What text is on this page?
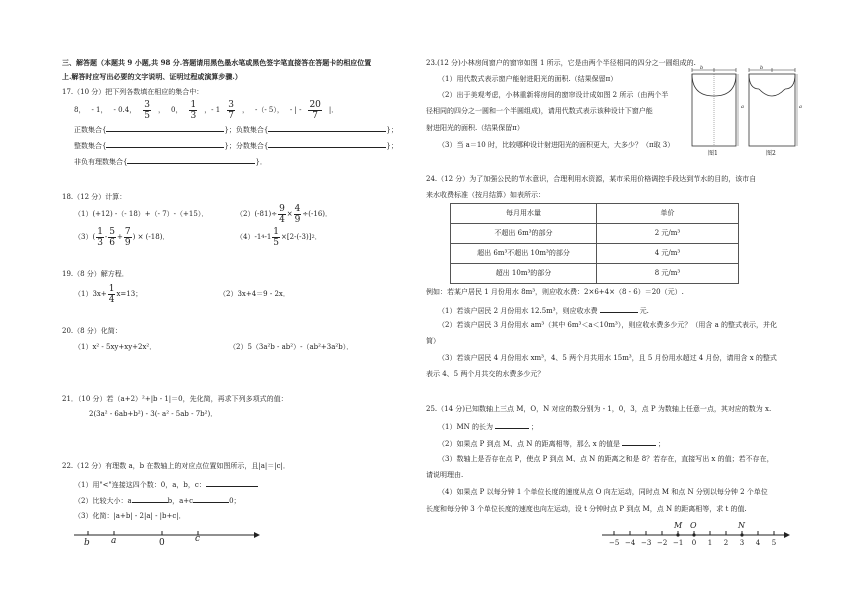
三、解答题（本题共 9 小题,共 98 分.答题请用黑色墨水笔或黑色签字笔直接答在答题卡的相应位置
上.解答时应写出必要的文字说明、证明过程或演算步骤.）
17.（10 分）把下列各数填在相应的集合中：
8， - 1， - 0.4， $\frac{3}{5}$ ， 0， $\frac{1}{3}$ ，- $1 \frac{3}{7}$ ， -（- 5）， - | - $\frac{20}{7}$ |．
正数集合{	}；负数集合{	}；
整数集合{	}；分数集合{	}；
非负有理数集合{	}．
18.（12 分）计算：
（1）(+12) -（- 18）+（- 7）-（+15）．	$(2)(-81)\div \frac{9}{4} \times \frac{4}{9} \div(-16)$．
$(3)( \frac{1}{3} - \frac{5}{6} + \frac{7}{9}$ ) × (-18)．	（4）-1 4 $-1 \frac{1}{5} \times[2-(-3)]$ 2 ．
19.（8 分）解方程．
$(1)3x+ \frac{1}{4} x=13$；	（2）3x+4＝9 - 2x．
20.（8 分）化简：
（1）x² - 5xy+xy+2x²．	（2）5（3a²b - ab²）-（ab²+3a²b）．
21．（10 分）若（a+2）²+|b - 1|＝0，先化简，再求下列多项式的值：
2(3a² - 6ab+b²) - 3(- a² - 5ab - 7b²)．
22.（12 分）有理数 a，b 在数轴上的对应点位置如图所示，且|a|＝|c|．
（1）用"<"连接这四个数：0，a，b，c：
（2）比较大小：a	b，a+c	0；
（3）化简：|a+b| - 2|a| - |b+c|．
b a	0	c
23.(12 分)小林房间窗户的窗帘如图 1 所示，它是由两个半径相同的四分之一圆组成的.
（1）用代数式表示窗户能射进阳光的面积.（结果保留π）
（2）出于美观考虑，小林重新将房间的窗帘设计成如图 2 所示（由两个半
径相同的四分之一圆和一个半圆组成)，请用代数式表示该种设计下窗户能
射进阳光的面积.（结果保留π）
（3）当 a＝10 时，比较哪种设计射进阳光的面积更大，大多少？（π取 3）
b
a
图1
b
a
图2
24.（12 分）为了加强公民的节水意识，合理利用水资源，某市采用价格调控手段达到节水的目的，该市自
来水收费标准（按月结算）如表所示：
每月用水量	单价
不超出 6m³的部分	2 元/m³
超出 6m³不超出 10m³的部分	4 元/m³
超出 10m³的部分	8 元/m³
例如：若某户居民 1 月份用水 8m³，则应收水费：2×6+4×（8 - 6）＝20（元）.
（1）若该户居民 2 月份用水 12.5m³，则应收水费	元.
（2）若该户居民 3 月份用水 am³（其中 6m³＜a＜10m³），则应收水费多少元？（用含 a 的整式表示，并化
简）
（3）若该户居民 4 月份用水 xm³，4、5 两个月共用水 15m³，且 5 月份用水超过 4 月份，请用含 x 的整式
表示 4、5 两个月共交的水费多少元？
25.（14 分)已知数轴上三点 M，O，N 对应的数分别为 - 1，0，3，点 P 为数轴上任意一点，其对应的数为 x.
（1）MN 的长为	；
（2）如果点 P 到点 M、点 N 的距离相等，那么 x 的值是	；
（3）数轴上是否存在点 P，使点 P 到点 M、点 N 的距离之和是 8？若存在，直接写出 x 的值；若不存在，
请说明理由.
（4）如果点 P 以每分钟 1 个单位长度的速度从点 O 向左运动，同时点 M 和点 N 分别以每分钟 2 个单位
长度和每分钟 3 个单位长度的速度也向左运动，设 t 分钟时点 P 到点 M，点 N 的距离相等，求 t 的值.
−5 −4 −3 −2 −1	0	1	2	3	4	5
M O	N
